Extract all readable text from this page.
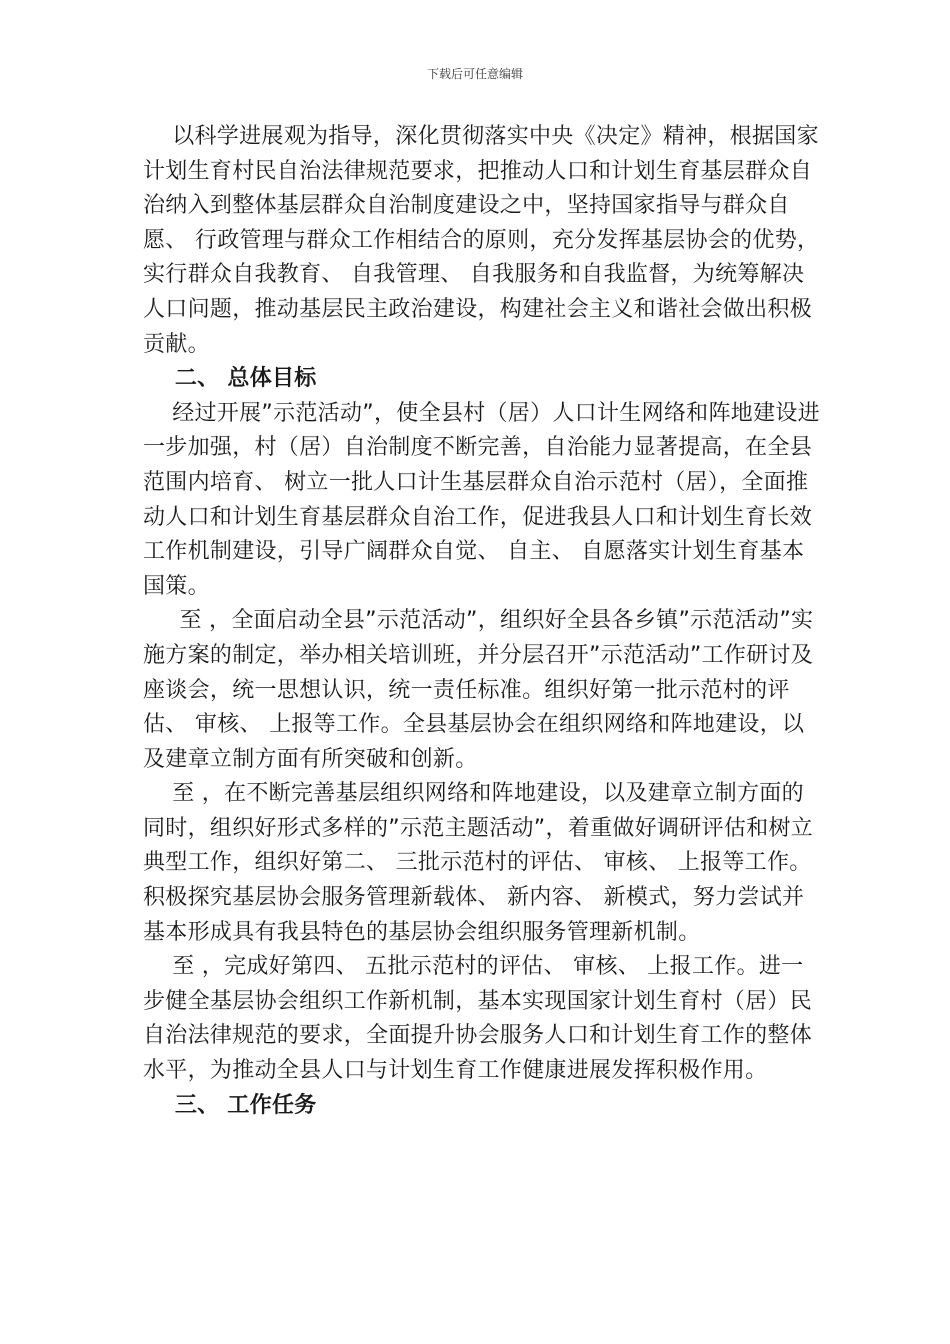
下载后可任意编辑

以科学进展观为指导，深化贯彻落实中央《决定》精神，根据国家计划生育村民自治法律规范要求，把推动人口和计划生育基层群众自治纳入到整体基层群众自治制度建设之中，坚持国家指导与群众自愿、 行政管理与群众工作相结合的原则，充分发挥基层协会的优势，实行群众自我教育、 自我管理、 自我服务和自我监督，为统筹解决人口问题，推动基层民主政治建设，构建社会主义和谐社会做出积极贡献。

二、 总体目标

经过开展”示范活动”，使全县村（居）人口计生网络和阵地建设进一步加强，村（居）自治制度不断完善，自治能力显著提高，在全县范围内培育、 树立一批人口计生基层群众自治示范村（居），全面推动人口和计划生育基层群众自治工作，促进我县人口和计划生育长效工作机制建设，引导广阔群众自觉、 自主、 自愿落实计划生育基本国策。

至 ，全面启动全县”示范活动”，组织好全县各乡镇”示范活动”实施方案的制定，举办相关培训班，并分层召开”示范活动”工作研讨及座谈会，统一思想认识，统一责任标准。组织好第一批示范村的评估、 审核、 上报等工作。全县基层协会在组织网络和阵地建设，以及建章立制方面有所突破和创新。

至 ，在不断完善基层组织网络和阵地建设，以及建章立制方面的同时，组织好形式多样的”示范主题活动”，着重做好调研评估和树立典型工作，组织好第二、 三批示范村的评估、 审核、 上报等工作。积极探究基层协会服务管理新载体、 新内容、 新模式，努力尝试并基本形成具有我县特色的基层协会组织服务管理新机制。

至 ，完成好第四、 五批示范村的评估、 审核、 上报工作。进一步健全基层协会组织工作新机制，基本实现国家计划生育村（居）民自治法律规范的要求，全面提升协会服务人口和计划生育工作的整体水平，为推动全县人口与计划生育工作健康进展发挥积极作用。

三、 工作任务
